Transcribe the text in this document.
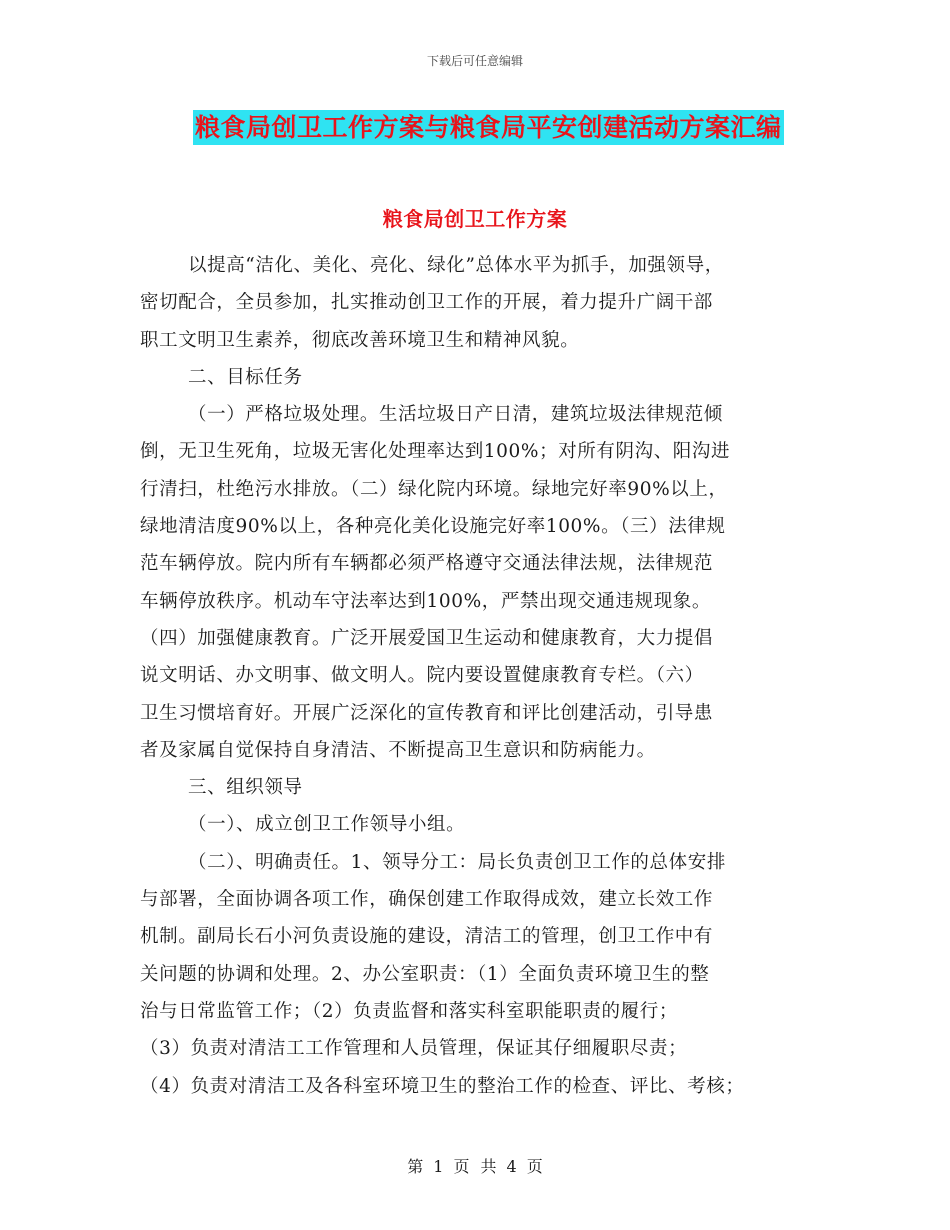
下载后可任意编辑
粮食局创卫工作方案与粮食局平安创建活动方案汇编
粮食局创卫工作方案
以提高“洁化、美化、亮化、绿化”总体水平为抓手，加强领导，
密切配合，全员参加，扎实推动创卫工作的开展，着力提升广阔干部
职工文明卫生素养，彻底改善环境卫生和精神风貌。
二、目标任务
（一）严格垃圾处理。生活垃圾日产日清，建筑垃圾法律规范倾
倒，无卫生死角，垃圾无害化处理率达到100%；对所有阴沟、阳沟进
行清扫，杜绝污水排放。（二）绿化院内环境。绿地完好率90%以上，
绿地清洁度90%以上，各种亮化美化设施完好率100%。（三）法律规
范车辆停放。院内所有车辆都必须严格遵守交通法律法规，法律规范
车辆停放秩序。机动车守法率达到100%，严禁出现交通违规现象。
（四）加强健康教育。广泛开展爱国卫生运动和健康教育，大力提倡
说文明话、办文明事、做文明人。院内要设置健康教育专栏。（六）
卫生习惯培育好。开展广泛深化的宣传教育和评比创建活动，引导患
者及家属自觉保持自身清洁、不断提高卫生意识和防病能力。
三、组织领导
（一）、成立创卫工作领导小组。
（二）、明确责任。1、领导分工：局长负责创卫工作的总体安排
与部署，全面协调各项工作，确保创建工作取得成效，建立长效工作
机制。副局长石小河负责设施的建设，清洁工的管理，创卫工作中有
关问题的协调和处理。2、办公室职责：（1）全面负责环境卫生的整
治与日常监管工作；（2）负责监督和落实科室职能职责的履行；
（3）负责对清洁工工作管理和人员管理，保证其仔细履职尽责；
（4）负责对清洁工及各科室环境卫生的整治工作的检查、评比、考核；
第 1 页 共 4 页
